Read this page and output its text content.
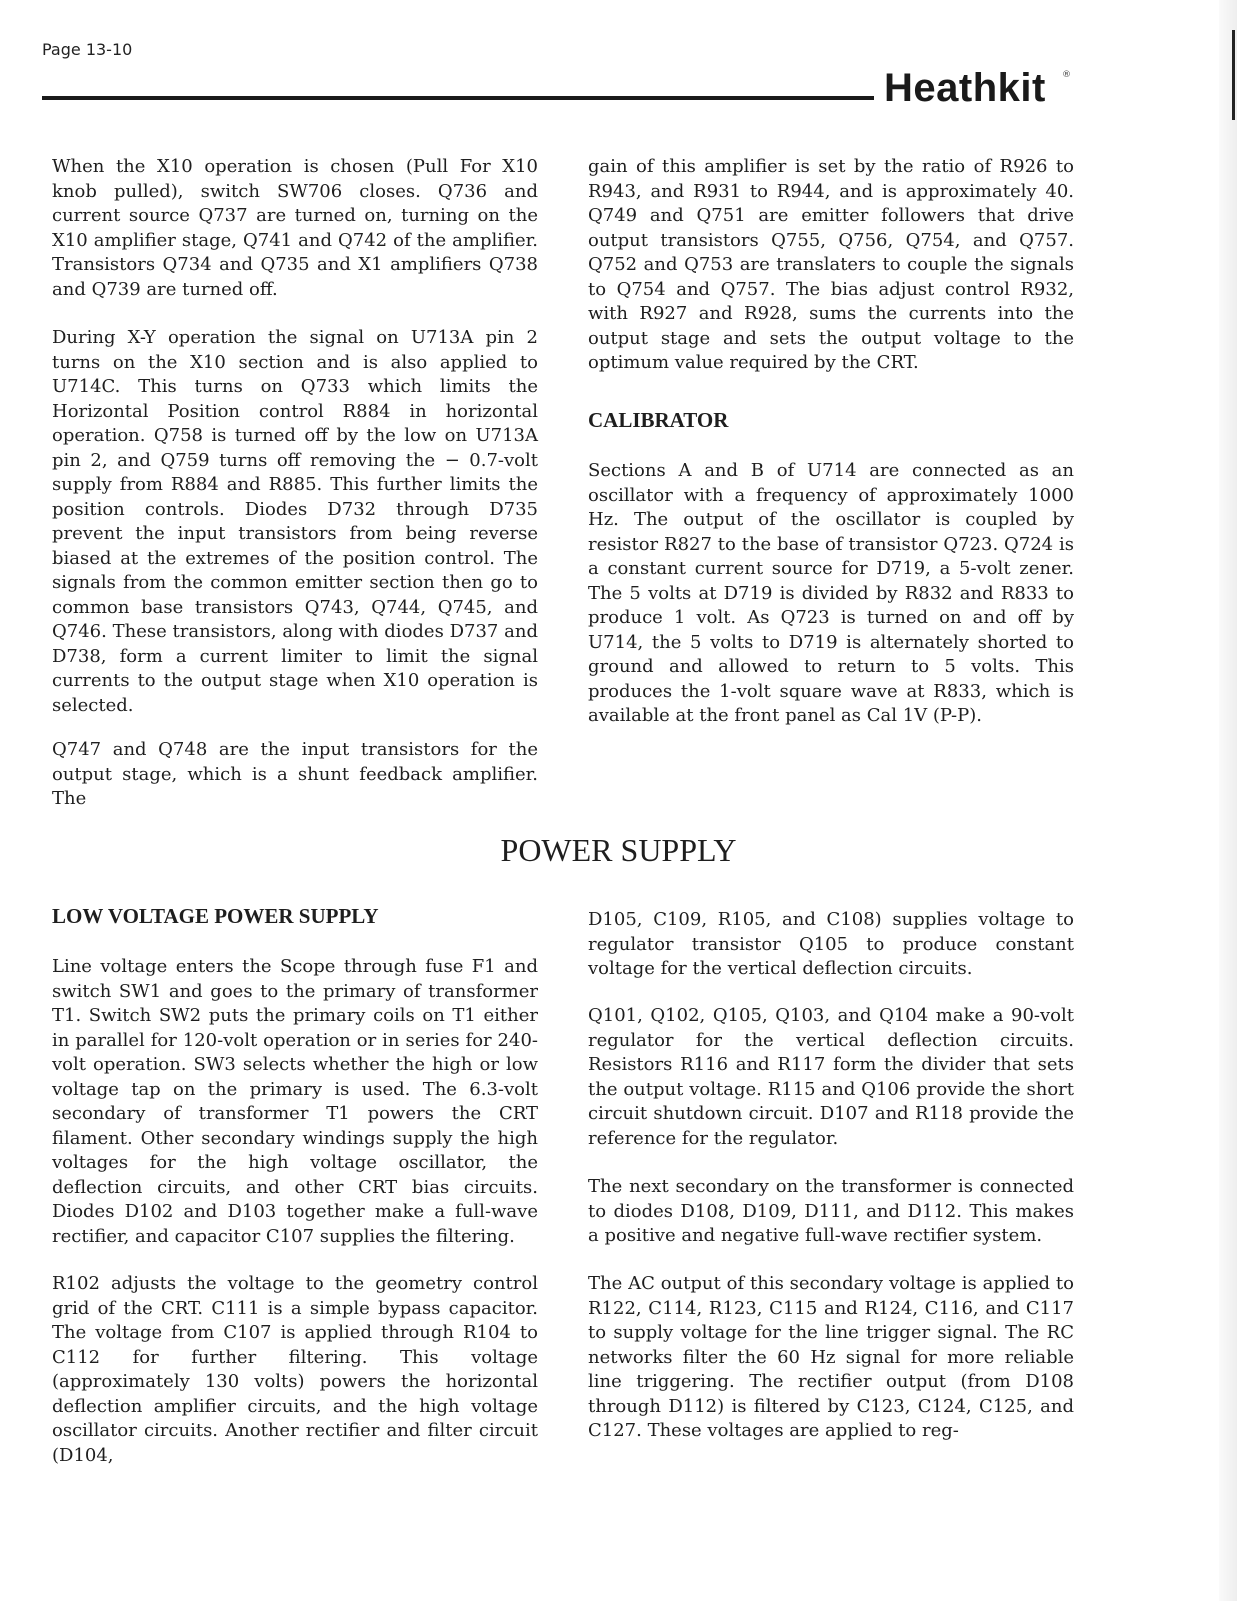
Page 13-10
Heathkit ®

When the X10 operation is chosen (Pull For X10 knob pulled), switch SW706 closes. Q736 and current source Q737 are turned on, turning on the X10 amplifier stage, Q741 and Q742 of the amplifier. Transistors Q734 and Q735 and X1 amplifiers Q738 and Q739 are turned off.

During X-Y operation the signal on U713A pin 2 turns on the X10 section and is also applied to U714C. This turns on Q733 which limits the Horizontal Position control R884 in horizontal operation. Q758 is turned off by the low on U713A pin 2, and Q759 turns off removing the − 0.7-volt supply from R884 and R885. This further limits the position controls. Diodes D732 through D735 prevent the input transistors from being reverse biased at the extremes of the position control. The signals from the common emitter section then go to common base transistors Q743, Q744, Q745, and Q746. These transistors, along with diodes D737 and D738, form a current limiter to limit the signal currents to the output stage when X10 operation is selected.

Q747 and Q748 are the input transistors for the output stage, which is a shunt feedback amplifier. The

gain of this amplifier is set by the ratio of R926 to R943, and R931 to R944, and is approximately 40. Q749 and Q751 are emitter followers that drive output transistors Q755, Q756, Q754, and Q757. Q752 and Q753 are translaters to couple the signals to Q754 and Q757. The bias adjust control R932, with R927 and R928, sums the currents into the output stage and sets the output voltage to the optimum value required by the CRT.

CALIBRATOR

Sections A and B of U714 are connected as an oscillator with a frequency of approximately 1000 Hz. The output of the oscillator is coupled by resistor R827 to the base of transistor Q723. Q724 is a constant current source for D719, a 5-volt zener. The 5 volts at D719 is divided by R832 and R833 to produce 1 volt. As Q723 is turned on and off by U714, the 5 volts to D719 is alternately shorted to ground and allowed to return to 5 volts. This produces the 1-volt square wave at R833, which is available at the front panel as Cal 1V (P-P).

POWER SUPPLY
LOW VOLTAGE POWER SUPPLY

Line voltage enters the Scope through fuse F1 and switch SW1 and goes to the primary of transformer T1. Switch SW2 puts the primary coils on T1 either in parallel for 120-volt operation or in series for 240-volt operation. SW3 selects whether the high or low voltage tap on the primary is used. The 6.3-volt secondary of transformer T1 powers the CRT filament. Other secondary windings supply the high voltages for the high voltage oscillator, the deflection circuits, and other CRT bias circuits. Diodes D102 and D103 together make a full-wave rectifier, and capacitor C107 supplies the filtering.

R102 adjusts the voltage to the geometry control grid of the CRT. C111 is a simple bypass capacitor. The voltage from C107 is applied through R104 to C112 for further filtering. This voltage (approximately 130 volts) powers the horizontal deflection amplifier circuits, and the high voltage oscillator circuits. Another rectifier and filter circuit (D104,

D105, C109, R105, and C108) supplies voltage to regulator transistor Q105 to produce constant voltage for the vertical deflection circuits.

Q101, Q102, Q105, Q103, and Q104 make a 90-volt regulator for the vertical deflection circuits. Resistors R116 and R117 form the divider that sets the output voltage. R115 and Q106 provide the short circuit shutdown circuit. D107 and R118 provide the reference for the regulator.

The next secondary on the transformer is connected to diodes D108, D109, D111, and D112. This makes a positive and negative full-wave rectifier system.

The AC output of this secondary voltage is applied to R122, C114, R123, C115 and R124, C116, and C117 to supply voltage for the line trigger signal. The RC networks filter the 60 Hz signal for more reliable line triggering. The rectifier output (from D108 through D112) is filtered by C123, C124, C125, and C127. These voltages are applied to reg-
